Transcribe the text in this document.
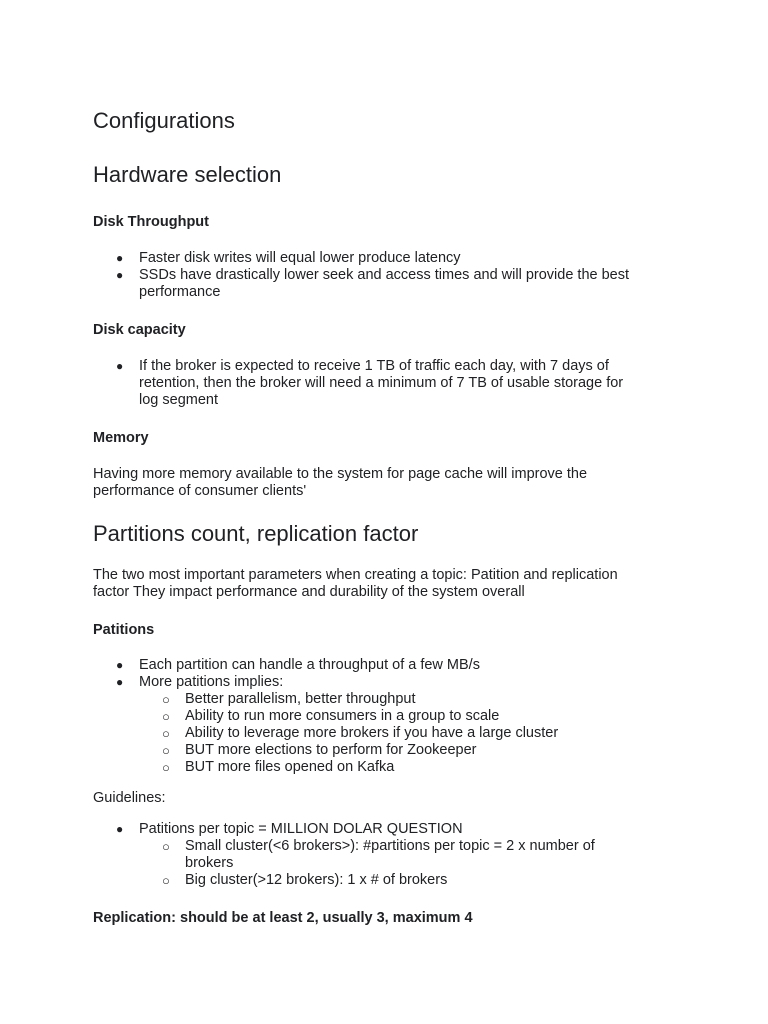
Configurations
Hardware selection
Disk Throughput
● Faster disk writes will equal lower produce latency
● SSDs have drastically lower seek and access times and will provide the best
performance
Disk capacity
● If the broker is expected to receive 1 TB of traffic each day, with 7 days of
retention, then the broker will need a minimum of 7 TB of usable storage for
log segment
Memory

Having more memory available to the system for page cache will improve the

performance of consumer clients'

Partitions count, replication factor

The two most important parameters when creating a topic: Patition and replication

factor They impact performance and durability of the system overall

Patitions
● Each partition can handle a throughput of a few MB/s
● More patitions implies:
○ Better parallelism, better throughput
○ Ability to run more consumers in a group to scale
○ Ability to leverage more brokers if you have a large cluster
○ BUT more elections to perform for Zookeeper
○ BUT more files opened on Kafka

Guidelines:

● Patitions per topic = MILLION DOLAR QUESTION
○ Small cluster(<6 brokers>): #partitions per topic = 2 x number of
brokers
○ Big cluster(>12 brokers): 1 x # of brokers
Replication: should be at least 2, usually 3, maximum 4
